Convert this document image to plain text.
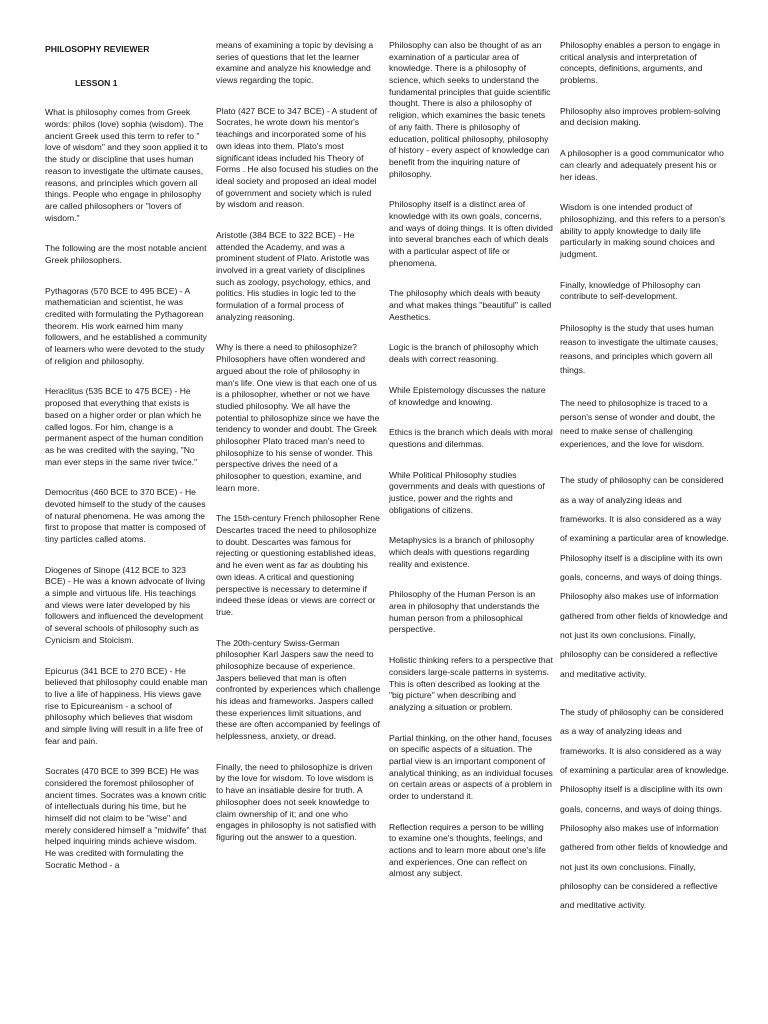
PHILOSOPHY REVIEWER

LESSON 1

What is philosophy comes from Greek words: philos (love) sophia (wisdom). The ancient Greek used this term to refer to " love of wisdom" and they soon applied it to the study or discipline that uses human reason to investigate the ultimate causes, reasons, and principles which govern all things. People who engage in philosophy are called philosophers or "lovers of wisdom."

The following are the most notable ancient Greek philosophers.

Pythagoras (570 BCE to 495 BCE) - A mathematician and scientist, he was credited with formulating the Pythagorean theorem. His work earned him many followers, and he established a community of learners who were devoted to the study of religion and philosophy.

Heraclitus (535 BCE to 475 BCE) - He proposed that everything that exists is based on a higher order or plan which he called logos. For him, change is a permanent aspect of the human condition as he was credited with the saying, "No man ever steps in the same river twice."

Democritus (460 BCE to 370 BCE) - He devoted himself to the study of the causes of natural phenomena. He was among the first to propose that matter is composed of tiny particles called atoms.

Diogenes of Sinope (412 BCE to 323 BCE) - He was a known advocate of living a simple and virtuous life. His teachings and views were later developed by his followers and influenced the development of several schools of philosophy such as Cynicism and Stoicism.

Epicurus (341 BCE to 270 BCE) - He believed that philosophy could enable man to live a life of happiness. His views gave rise to Epicureanism - a school of philosophy which believes that wisdom and simple living will result in a life free of fear and pain.

Socrates (470 BCE to 399 BCE) He was considered the foremost philosopher of ancient times. Socrates was a known critic of intellectuals during his time, but he himself did not claim to be "wise" and merely considered himself a "midwife" that helped inquiring minds achieve wisdom. He was credited with formulating the Socratic Method - a

means of examining a topic by devising a series of questions that let the learner examine and analyze his knowledge and views regarding the topic.

Plato (427 BCE to 347 BCE) - A student of Socrates, he wrote down his mentor's teachings and incorporated some of his own ideas into them. Plato's most significant ideas included his Theory of Forms . He also focused his studies on the ideal society and proposed an ideal model of government and society which is ruled by wisdom and reason.

Aristotle (384 BCE to 322 BCE) - He attended the Academy, and was a prominent student of Plato. Aristotle was involved in a great variety of disciplines such as zoology, psychology, ethics, and politics. His studies in logic led to the formulation of a formal process of analyzing reasoning.

Why is there a need to philosophize? Philosophers have often wondered and argued about the role of philosophy in man's life. One view is that each one of us is a philosopher, whether or not we have studied philosophy. We all have the potential to philosophize since we have the tendency to wonder and doubt. The Greek philosopher Plato traced man's need to philosophize to his sense of wonder. This perspective drives the need of a philosopher to question, examine, and learn more.

The 15th-century French philosopher Rene Descartes traced the need to philosophize to doubt. Descartes was famous for rejecting or questioning established ideas, and he even went as far as doubting his own ideas. A critical and questioning perspective is necessary to determine if indeed these ideas or views are correct or true.

The 20th-century Swiss-German philosopher Karl Jaspers saw the need to philosophize because of experience. Jaspers believed that man is often confronted by experiences which challenge his ideas and frameworks. Jaspers called these experiences limit situations, and these are often accompanied by feelings of helplessness, anxiety, or dread.

Finally, the need to philosophize is driven by the love for wisdom. To love wisdom is to have an insatiable desire for truth. A philosopher does not seek knowledge to claim ownership of it; and one who engages in philosophy is not satisfied with figuring out the answer to a question.

Philosophy can also be thought of as an examination of a particular area of knowledge. There is a philosophy of science, which seeks to understand the fundamental principles that guide scientific thought. There is also a philosophy of religion, which examines the basic tenets of any faith. There is philosophy of education, political philosophy, philosophy of history - every aspect of knowledge can benefit from the inquiring nature of philosophy.

Philosophy itself is a distinct area of knowledge with its own goals, concerns, and ways of doing things. It is often divided into several branches each of which deals with a particular aspect of life or phenomena.

The philosophy which deals with beauty and what makes things "beautiful" is called Aesthetics.

Logic is the branch of philosophy which deals with correct reasoning.

While Epistemology discusses the nature of knowledge and knowing.

Ethics is the branch which deals with moral questions and dilemmas.

While Political Philosophy studies governments and deals with questions of justice, power and the rights and obligations of citizens.

Metaphysics is a branch of philosophy which deals with questions regarding reality and existence.

Philosophy of the Human Person is an area in philosophy that understands the human person from a philosophical perspective.

Holistic thinking refers to a perspective that considers large-scale patterns in systems. This is often described as looking at the "big picture" when describing and analyzing a situation or problem.

Partial thinking, on the other hand, focuses on specific aspects of a situation. The partial view is an important component of analytical thinking, as an individual focuses on certain areas or aspects of a problem in order to understand it.

Reflection requires a person to be willing to examine one's thoughts, feelings, and actions and to learn more about one's life and experiences. One can reflect on almost any subject.

Philosophy enables a person to engage in critical analysis and interpretation of concepts, definitions, arguments, and problems.

Philosophy also improves problem-solving and decision making.

A philosopher is a good communicator who can clearly and adequately present his or her ideas.

Wisdom is one intended product of philosophizing, and this refers to a person's ability to apply knowledge to daily life particularly in making sound choices and judgment.

Finally, knowledge of Philosophy can contribute to self-development.

Philosophy is the study that uses human reason to investigate the ultimate causes, reasons, and principles which govern all things.

The need to philosophize is traced to a person's sense of wonder and doubt, the need to make sense of challenging experiences, and the love for wisdom.

The study of philosophy can be considered as a way of analyzing ideas and frameworks. It is also considered as a way of examining a particular area of knowledge. Philosophy itself is a discipline with its own goals, concerns, and ways of doing things. Philosophy also makes use of information gathered from other fields of knowledge and not just its own conclusions. Finally, philosophy can be considered a reflective and meditative activity.

The study of philosophy can be considered as a way of analyzing ideas and frameworks. It is also considered as a way of examining a particular area of knowledge. Philosophy itself is a discipline with its own goals, concerns, and ways of doing things. Philosophy also makes use of information gathered from other fields of knowledge and not just its own conclusions. Finally, philosophy can be considered a reflective and meditative activity.
